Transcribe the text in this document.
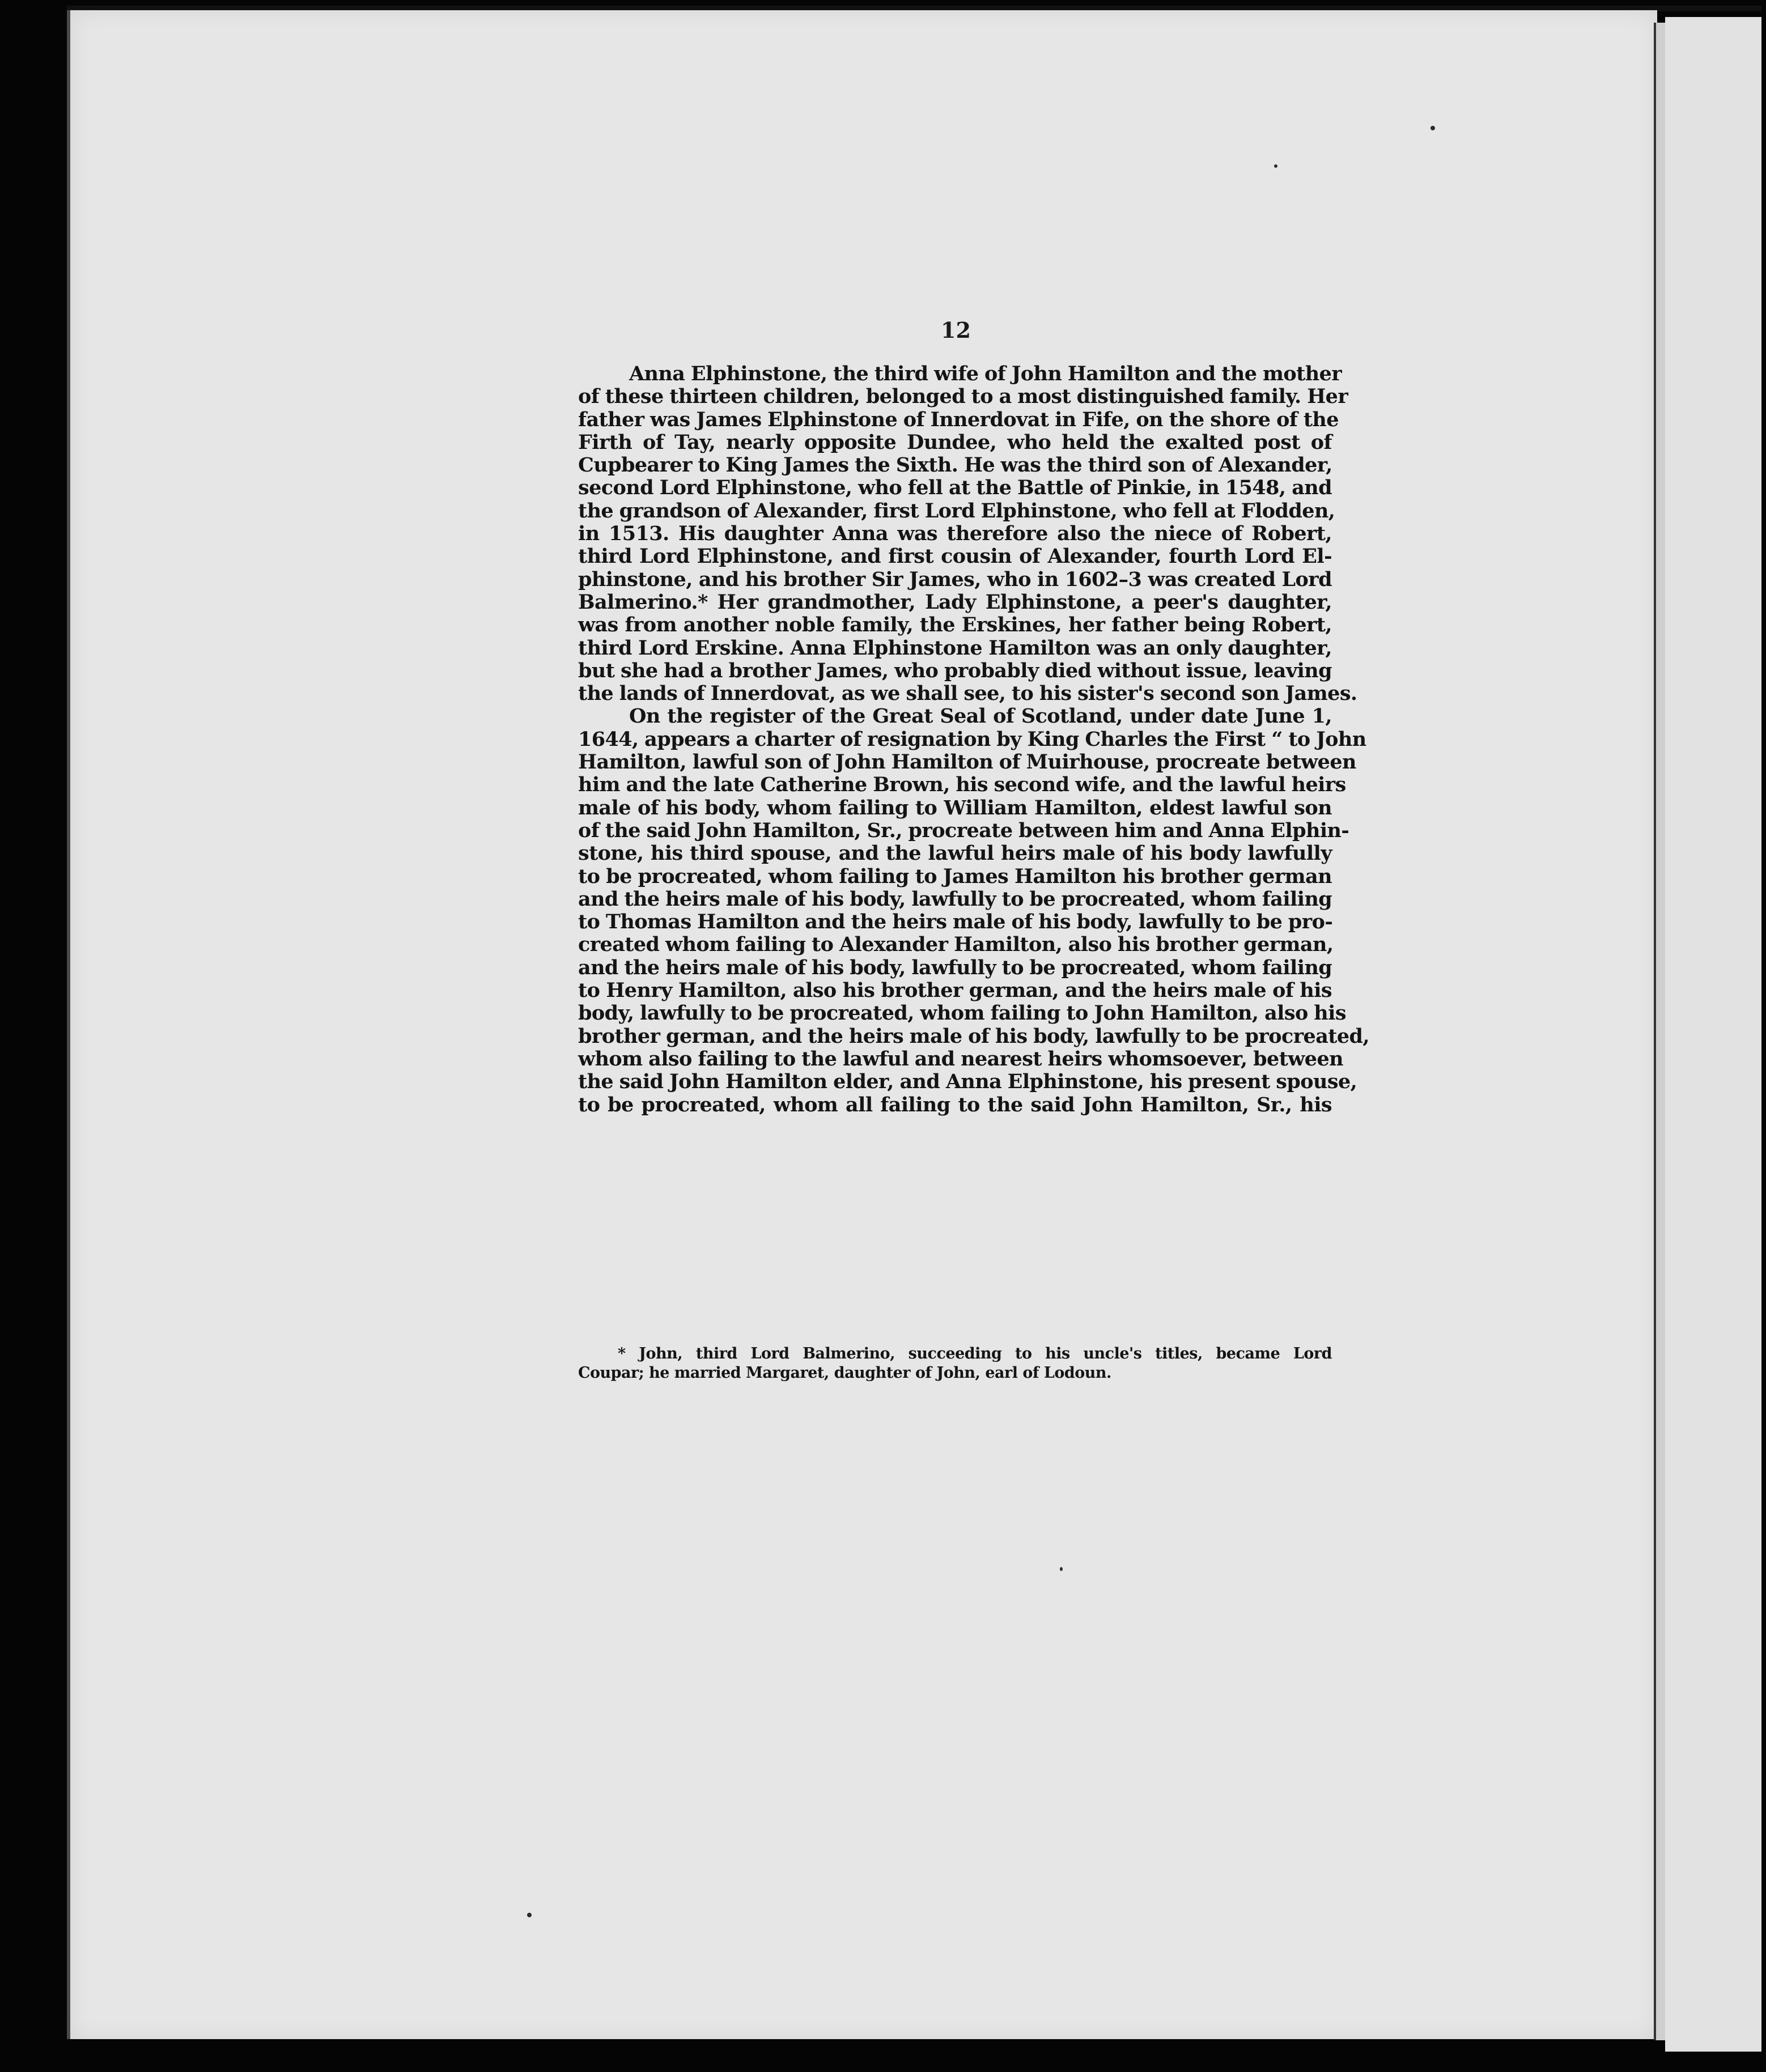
12
Anna Elphinstone, the third wife of John Hamilton and the mother
of these thirteen children, belonged to a most distinguished family. Her
father was James Elphinstone of Innerdovat in Fife, on the shore of the
Firth of Tay, nearly opposite Dundee, who held the exalted post of
Cupbearer to King James the Sixth. He was the third son of Alexander,
second Lord Elphinstone, who fell at the Battle of Pinkie, in 1548, and
the grandson of Alexander, first Lord Elphinstone, who fell at Flodden,
in 1513. His daughter Anna was therefore also the niece of Robert,
third Lord Elphinstone, and first cousin of Alexander, fourth Lord El-
phinstone, and his brother Sir James, who in 1602–3 was created Lord
Balmerino.* Her grandmother, Lady Elphinstone, a peer's daughter,
was from another noble family, the Erskines, her father being Robert,
third Lord Erskine. Anna Elphinstone Hamilton was an only daughter,
but she had a brother James, who probably died without issue, leaving
the lands of Innerdovat, as we shall see, to his sister's second son James.
On the register of the Great Seal of Scotland, under date June 1,
1644, appears a charter of resignation by King Charles the First “ to John
Hamilton, lawful son of John Hamilton of Muirhouse, procreate between
him and the late Catherine Brown, his second wife, and the lawful heirs
male of his body, whom failing to William Hamilton, eldest lawful son
of the said John Hamilton, Sr., procreate between him and Anna Elphin-
stone, his third spouse, and the lawful heirs male of his body lawfully
to be procreated, whom failing to James Hamilton his brother german
and the heirs male of his body, lawfully to be procreated, whom failing
to Thomas Hamilton and the heirs male of his body, lawfully to be pro-
created whom failing to Alexander Hamilton, also his brother german,
and the heirs male of his body, lawfully to be procreated, whom failing
to Henry Hamilton, also his brother german, and the heirs male of his
body, lawfully to be procreated, whom failing to John Hamilton, also his
brother german, and the heirs male of his body, lawfully to be procreated,
whom also failing to the lawful and nearest heirs whomsoever, between
the said John Hamilton elder, and Anna Elphinstone, his present spouse,
to be procreated, whom all failing to the said John Hamilton, Sr., his
* John, third Lord Balmerino, succeeding to his uncle's titles, became Lord
Coupar; he married Margaret, daughter of John, earl of Lodoun.
